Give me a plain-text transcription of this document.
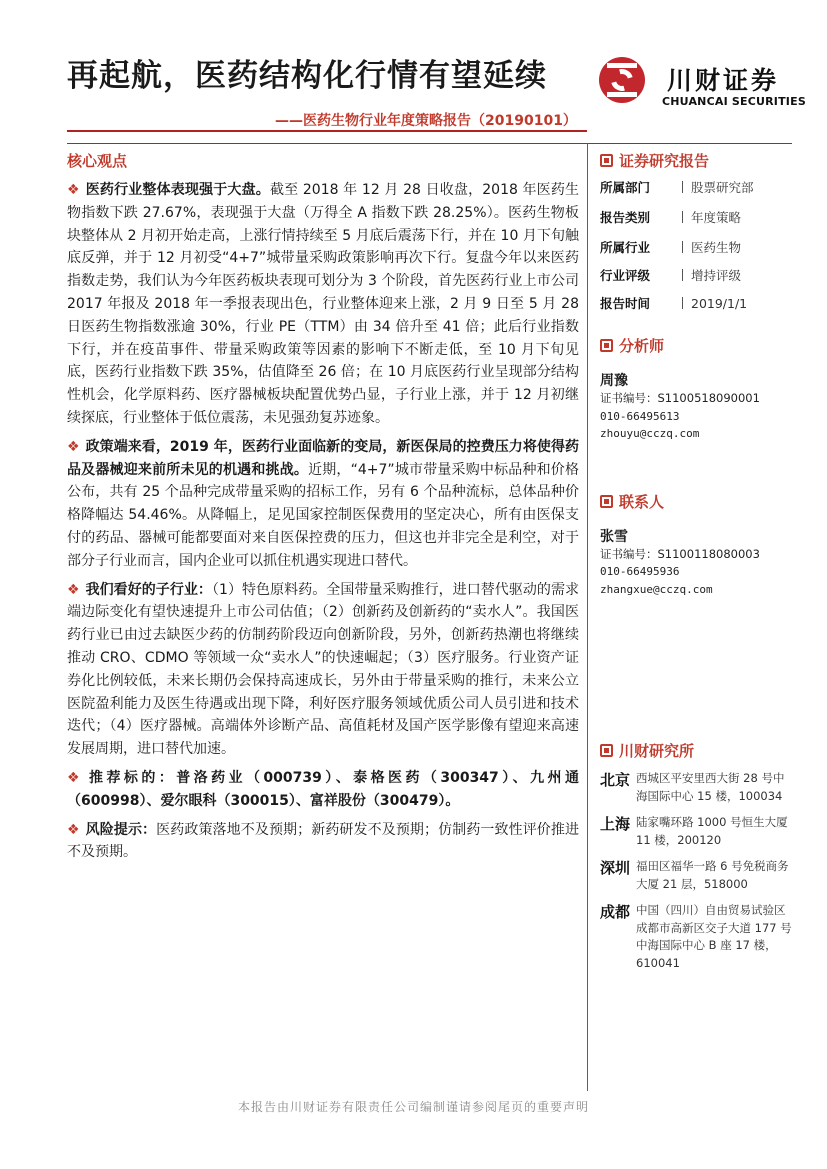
再起航，医药结构化行情有望延续
——医药生物行业年度策略报告（20190101）
川财证券
CHUANCAI SECURITIES
核心观点
❖ 医药行业整体表现强于大盘。截至 2018 年 12 月 28 日收盘，2018 年医药生物指数下跌 27.67%，表现强于大盘（万得全 A 指数下跌 28.25%）。医药生物板块整体从 2 月初开始走高，上涨行情持续至 5 月底后震荡下行，并在 10 月下旬触底反弹，并于 12 月初受“4+7”城带量采购政策影响再次下行。复盘今年以来医药指数走势，我们认为今年医药板块表现可划分为 3 个阶段，首先医药行业上市公司 2017 年报及 2018 年一季报表现出色，行业整体迎来上涨，2 月 9 日至 5 月 28 日医药生物指数涨逾 30%，行业 PE（TTM）由 34 倍升至 41 倍；此后行业指数下行，并在疫苗事件、带量采购政策等因素的影响下不断走低，至 10 月下旬见底，医药行业指数下跌 35%，估值降至 26 倍；在 10 月底医药行业呈现部分结构性机会，化学原料药、医疗器械板块配置优势凸显，子行业上涨，并于 12 月初继续探底，行业整体于低位震荡，未见强劲复苏迹象。
❖ 政策端来看，2019 年，医药行业面临新的变局，新医保局的控费压力将使得药品及器械迎来前所未见的机遇和挑战。近期，“4+7”城市带量采购中标品种和价格公布，共有 25 个品种完成带量采购的招标工作，另有 6 个品种流标，总体品种价格降幅达 54.46%。从降幅上，足见国家控制医保费用的坚定决心，所有由医保支付的药品、器械可能都要面对来自医保控费的压力，但这也并非完全是利空，对于部分子行业而言，国内企业可以抓住机遇实现进口替代。
❖ 我们看好的子行业：（1）特色原料药。全国带量采购推行，进口替代驱动的需求端边际变化有望快速提升上市公司估值；（2）创新药及创新药的“卖水人”。我国医药行业已由过去缺医少药的仿制药阶段迈向创新阶段，另外，创新药热潮也将继续推动 CRO、CDMO 等领域一众“卖水人”的快速崛起；（3）医疗服务。行业资产证券化比例较低，未来长期仍会保持高速成长，另外由于带量采购的推行，未来公立医院盈利能力及医生待遇或出现下降，利好医疗服务领域优质公司人员引进和技术迭代；（4）医疗器械。高端体外诊断产品、高值耗材及国产医学影像有望迎来高速发展周期，进口替代加速。
❖ 推荐标的：普洛药业（000739）、泰格医药（300347）、九州通（600998）、爱尔眼科（300015）、富祥股份（300479）。
❖ 风险提示：医药政策落地不及预期；新药研发不及预期；仿制药一致性评价推进不及预期。
证券研究报告
所属部门	股票研究部
报告类别	年度策略
所属行业	医药生物
行业评级	增持评级
报告时间	2019/1/1
分析师
周豫
证书编号：S1100518090001
010-66495613
zhouyu@cczq.com
联系人
张雪
证书编号：S1100118080003
010-66495936
zhangxue@cczq.com
川财研究所
北京 西城区平安里西大街 28 号中海国际中心 15 楼，100034
上海 陆家嘴环路 1000 号恒生大厦 11 楼，200120
深圳 福田区福华一路 6 号免税商务大厦 21 层，518000
成都 中国（四川）自由贸易试验区成都市高新区交子大道 177 号中海国际中心 B 座 17 楼，610041
本报告由川财证券有限责任公司编制谨请参阅尾页的重要声明
